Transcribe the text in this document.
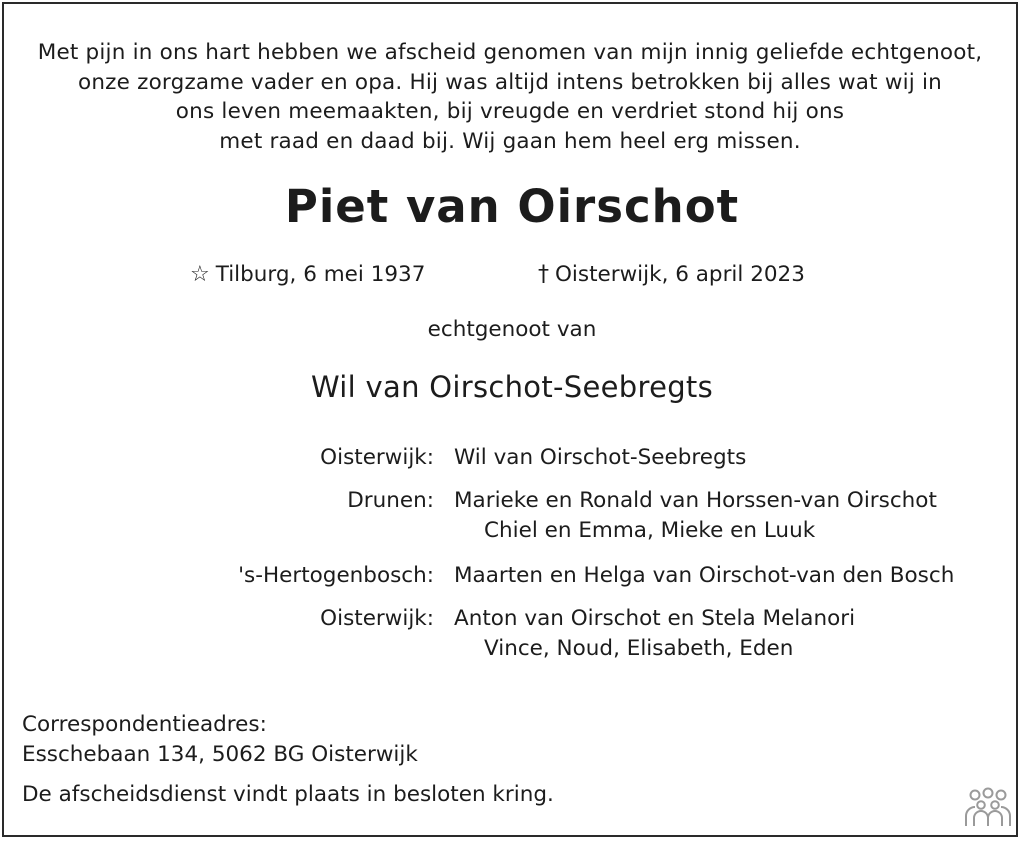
Met pijn in ons hart hebben we afscheid genomen van mijn innig geliefde echtgenoot,
onze zorgzame vader en opa. Hij was altijd intens betrokken bij alles wat wij in
ons leven meemaakten, bij vreugde en verdriet stond hij ons
met raad en daad bij. Wij gaan hem heel erg missen.
Piet van Oirschot
☆ Tilburg, 6 mei 1937	† Oisterwijk, 6 april 2023
echtgenoot van
Wil van Oirschot-Seebregts
Oisterwijk: Wil van Oirschot-Seebregts
Drunen: Marieke en Ronald van Horssen-van Oirschot
Chiel en Emma, Mieke en Luuk
's-Hertogenbosch: Maarten en Helga van Oirschot-van den Bosch
Oisterwijk: Anton van Oirschot en Stela Melanori
Vince, Noud, Elisabeth, Eden
Correspondentieadres:
Esschebaan 134, 5062 BG Oisterwijk
De afscheidsdienst vindt plaats in besloten kring.
